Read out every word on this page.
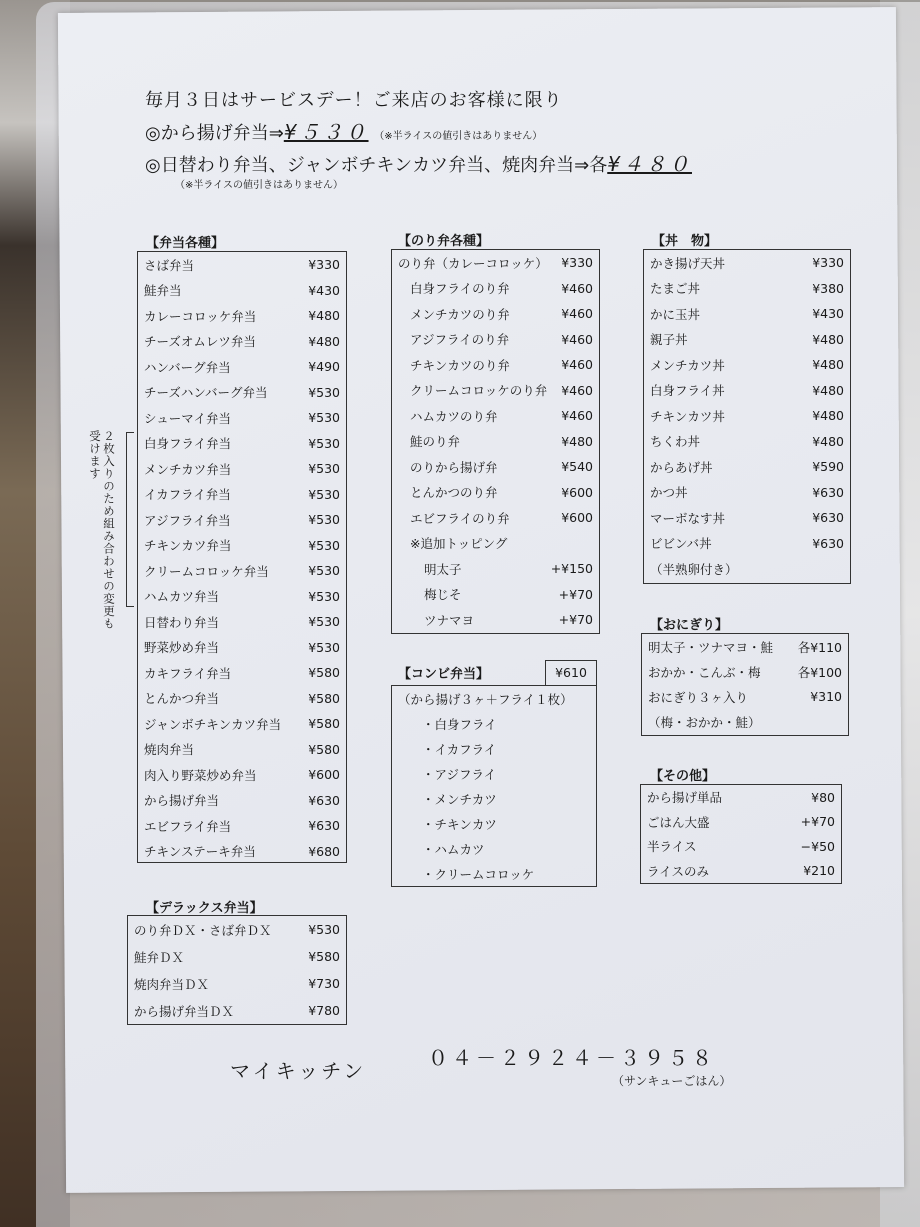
毎月３日はサービスデー！ご来店のお客様に限り
◎から揚げ弁当⇒¥５３０ （※半ライスの値引きはありません）
◎日替わり弁当、ジャンボチキンカツ弁当、焼肉弁当⇒各¥４８０
（※半ライスの値引きはありません）
【弁当各種】
さば弁当	¥330
鮭弁当	¥430
カレーコロッケ弁当	¥480
チーズオムレツ弁当	¥480
ハンバーグ弁当	¥490
チーズハンバーグ弁当	¥530
シューマイ弁当	¥530
白身フライ弁当	¥530
メンチカツ弁当	¥530
イカフライ弁当	¥530
アジフライ弁当	¥530
チキンカツ弁当	¥530
クリームコロッケ弁当	¥530
ハムカツ弁当	¥530
日替わり弁当	¥530
野菜炒め弁当	¥530
カキフライ弁当	¥580
とんかつ弁当	¥580
ジャンボチキンカツ弁当 ¥580
焼肉弁当	¥580
肉入り野菜炒め弁当	¥600
から揚げ弁当	¥630
エビフライ弁当	¥630
チキンステーキ弁当	¥680
２枚入りのため組み合わせの変更も受けます
【のり弁各種】
のり弁（カレーコロッケ） ¥330
白身フライのり弁	¥460
メンチカツのり弁	¥460
アジフライのり弁	¥460
チキンカツのり弁	¥460
クリームコロッケのり弁 ¥460
ハムカツのり弁	¥460
鮭のり弁	¥480
のりから揚げ弁	¥540
とんかつのり弁	¥600
エビフライのり弁	¥600
※追加トッピング
明太子	+¥150
梅じそ	+¥70
ツナマヨ	+¥70
【コンビ弁当】	¥610
（から揚げ３ヶ＋フライ１枚）
・白身フライ
・イカフライ
・アジフライ
・メンチカツ
・チキンカツ
・ハムカツ
・クリームコロッケ
【丼　物】
かき揚げ天丼	¥330
たまご丼	¥380
かに玉丼	¥430
親子丼	¥480
メンチカツ丼	¥480
白身フライ丼	¥480
チキンカツ丼	¥480
ちくわ丼	¥480
からあげ丼	¥590
かつ丼	¥630
マーボなす丼	¥630
ビビンバ丼	¥630
（半熟卵付き）
【おにぎり】
明太子・ツナマヨ・鮭 各¥110
おかか・こんぶ・梅	各¥100
おにぎり３ヶ入り	¥310
（梅・おかか・鮭）
【その他】
から揚げ単品	¥80
ごはん大盛	+¥70
半ライス	−¥50
ライスのみ	¥210
【デラックス弁当】
のり弁ＤＸ・さば弁ＤＸ	¥530
鮭弁ＤＸ	¥580
焼肉弁当ＤＸ	¥730
から揚げ弁当ＤＸ	¥780
マイキッチン
０４－２９２４－３９５８
（サンキューごはん）
